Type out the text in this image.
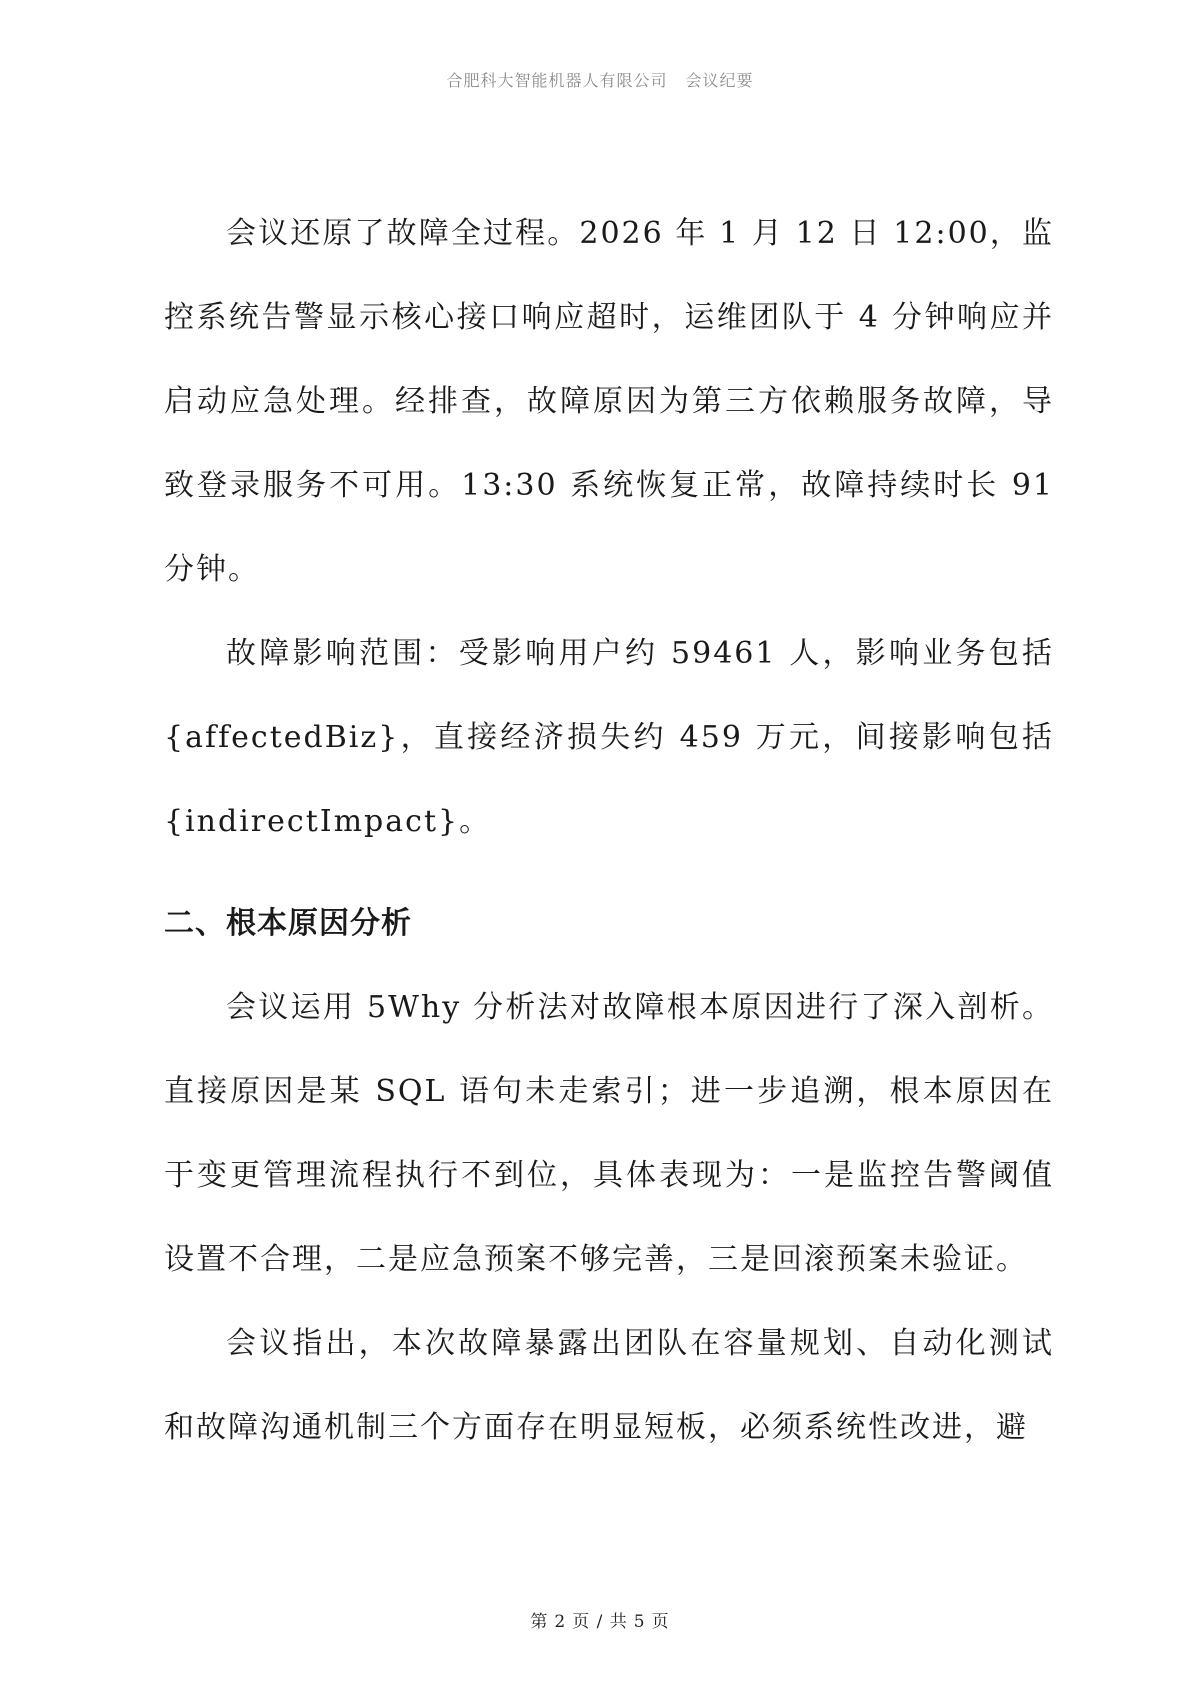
合肥科大智能机器人有限公司 会议纪要

会议还原了故障全过程。2026 年 1 月 12 日 12:00，监控系统告警显示核心接口响应超时，运维团队于 4 分钟响应并启动应急处理。经排查，故障原因为第三方依赖服务故障，导致登录服务不可用。13:30 系统恢复正常，故障持续时长 91 分钟。

故障影响范围：受影响用户约 59461 人，影响业务包括{affectedBiz}，直接经济损失约 459 万元，间接影响包括{indirectImpact}。

二、根本原因分析

会议运用 5Why 分析法对故障根本原因进行了深入剖析。直接原因是某 SQL 语句未走索引；进一步追溯，根本原因在于变更管理流程执行不到位，具体表现为：一是监控告警阈值设置不合理，二是应急预案不够完善，三是回滚预案未验证。

会议指出，本次故障暴露出团队在容量规划、自动化测试和故障沟通机制三个方面存在明显短板，必须系统性改进，避

第 2 页 / 共 5 页
